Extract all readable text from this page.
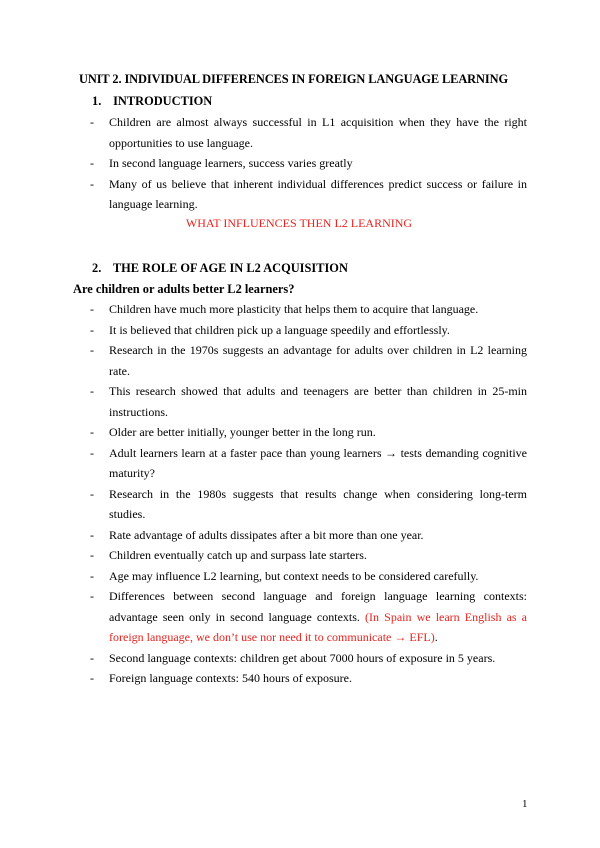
UNIT 2. INDIVIDUAL DIFFERENCES IN FOREIGN LANGUAGE LEARNING
1. INTRODUCTION
- Children are almost always successful in L1 acquisition when they have the right opportunities to use language.
- In second language learners, success varies greatly
- Many of us believe that inherent individual differences predict success or failure in language learning.
WHAT INFLUENCES THEN L2 LEARNING
2. THE ROLE OF AGE IN L2 ACQUISITION
Are children or adults better L2 learners?
- Children have much more plasticity that helps them to acquire that language.
- It is believed that children pick up a language speedily and effortlessly.
- Research in the 1970s suggests an advantage for adults over children in L2 learning rate.
- This research showed that adults and teenagers are better than children in 25-min instructions.
- Older are better initially, younger better in the long run.
- Adult learners learn at a faster pace than young learners → tests demanding cognitive maturity?
- Research in the 1980s suggests that results change when considering long-term studies.
- Rate advantage of adults dissipates after a bit more than one year.
- Children eventually catch up and surpass late starters.
- Age may influence L2 learning, but context needs to be considered carefully.
- Differences between second language and foreign language learning contexts: advantage seen only in second language contexts. (In Spain we learn English as a foreign language, we don’t use nor need it to communicate → EFL).
- Second language contexts: children get about 7000 hours of exposure in 5 years.
- Foreign language contexts: 540 hours of exposure.
1
